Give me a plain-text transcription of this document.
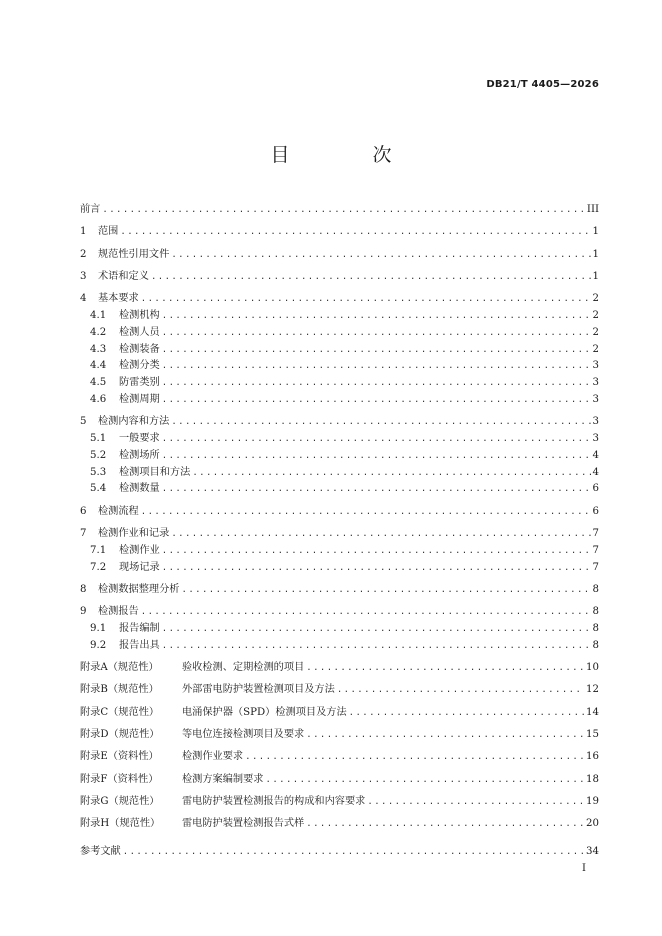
DB21/T 4405—2026
目　次
前言 .....	III
1	范围 .....	1
2	规范性引用文件 .....	1
3	术语和定义 .....	1
4	基本要求 .....	2
4.1	检测机构 .....	2
4.2	检测人员 .....	2
4.3	检测装备 .....	2
4.4	检测分类 .....	3
4.5	防雷类别 .....	3
4.6	检测周期 .....	3
5	检测内容和方法 .....	3
5.1	一般要求 .....	3
5.2	检测场所 .....	4
5.3	检测项目和方法 .....	4
5.4	检测数量 .....	6
6	检测流程 .....	6
7	检测作业和记录 .....	7
7.1	检测作业 .....	7
7.2	现场记录 .....	7
8	检测数据整理分析 .....	8
9	检测报告 .....	8
9.1	报告编制 .....	8
9.2	报告出具 .....	8
附录A（规范性）	验收检测、定期检测的项目 .....	10
附录B（规范性）	外部雷电防护装置检测项目及方法 .....	12
附录C（规范性）	电涌保护器（SPD）检测项目及方法 .....	14
附录D（规范性）	等电位连接检测项目及要求 .....	15
附录E（资料性）	检测作业要求 .....	16
附录F（资料性）	检测方案编制要求 .....	18
附录G（规范性）	雷电防护装置检测报告的构成和内容要求 .....	19
附录H（规范性）	雷电防护装置检测报告式样 .....	20
参考文献 .....	34
I
